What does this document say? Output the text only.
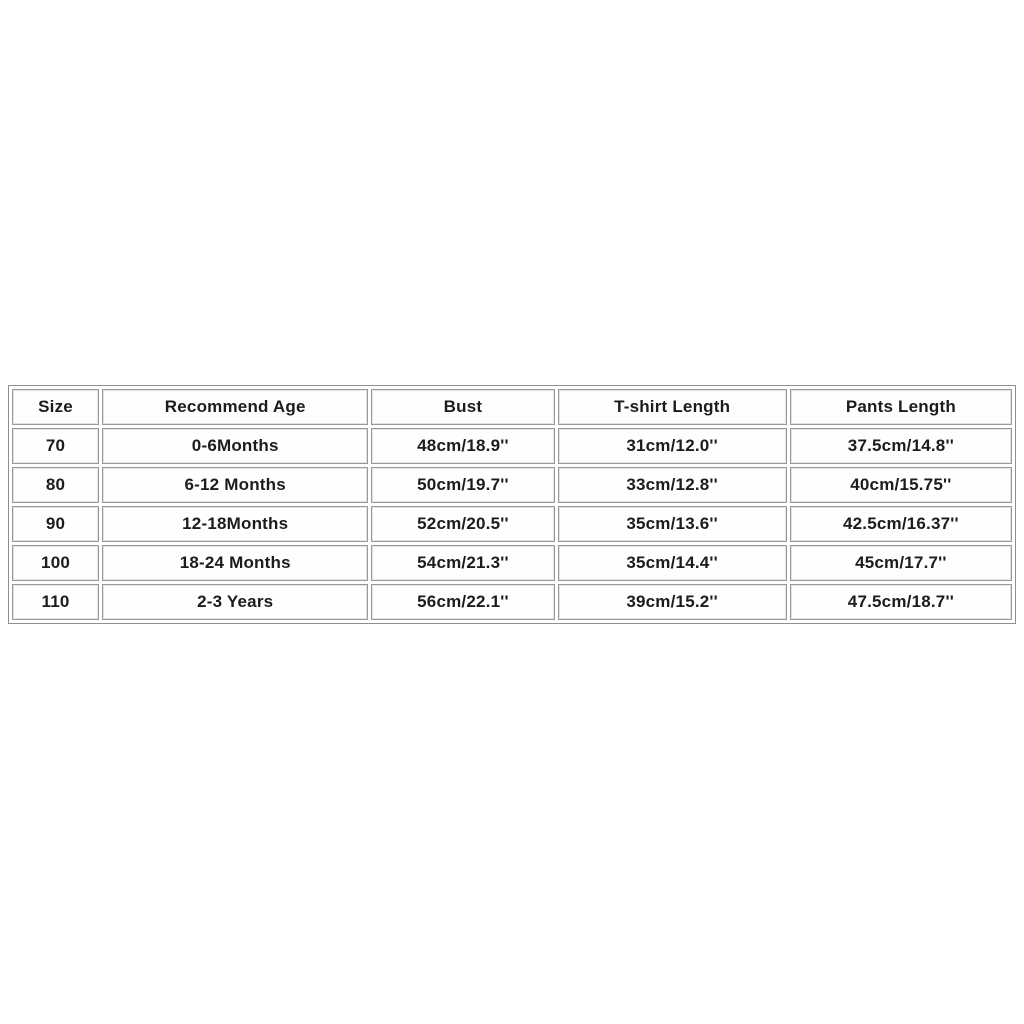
Size	Recommend Age	Bust	T-shirt Length	Pants Length
70	0-6Months	48cm/18.9''	31cm/12.0''	37.5cm/14.8''
80	6-12 Months	50cm/19.7''	33cm/12.8''	40cm/15.75''
90	12-18Months	52cm/20.5''	35cm/13.6''	42.5cm/16.37''
100	18-24 Months	54cm/21.3''	35cm/14.4''	45cm/17.7''
110	2-3 Years	56cm/22.1''	39cm/15.2''	47.5cm/18.7''
